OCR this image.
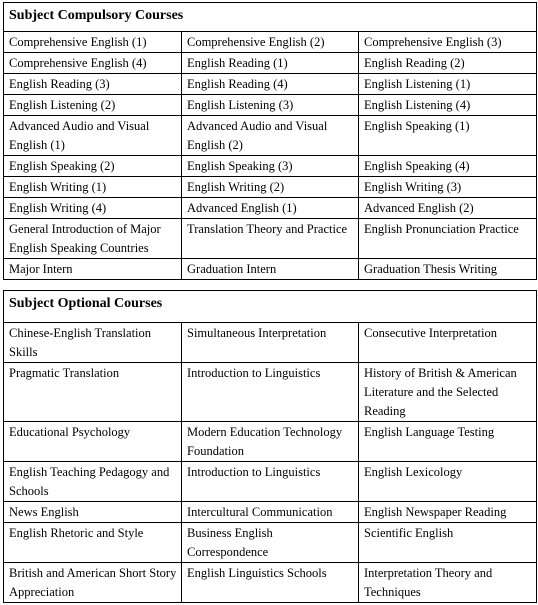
Subject Compulsory Courses		
Comprehensive English (1)	Comprehensive English (2)	Comprehensive English (3)
Comprehensive English (4)	English Reading (1)	English Reading (2)
English Reading (3)	English Reading (4)	English Listening (1)
English Listening (2)	English Listening (3)	English Listening (4)
Advanced Audio and Visual English (1)	Advanced Audio and Visual English (2)	English Speaking (1)
English Speaking (2)	English Speaking (3)	English Speaking (4)
English Writing (1)	English Writing (2)	English Writing (3)
English Writing (4)	Advanced English (1)	Advanced English (2)
General Introduction of Major English Speaking Countries	Translation Theory and Practice	English Pronunciation Practice
Major Intern	Graduation Intern	Graduation Thesis Writing
Subject Optional Courses		
Chinese-English Translation Skills	Simultaneous Interpretation	Consecutive Interpretation
Pragmatic Translation	Introduction to Linguistics	History of British & American Literature and the Selected Reading
Educational Psychology	Modern Education Technology Foundation	English Language Testing
English Teaching Pedagogy and Schools	Introduction to Linguistics	English Lexicology
News English	Intercultural Communication	English Newspaper Reading
English Rhetoric and Style	Business English Correspondence	Scientific English
British and American Short Story Appreciation	English Linguistics Schools	Interpretation Theory and Techniques
